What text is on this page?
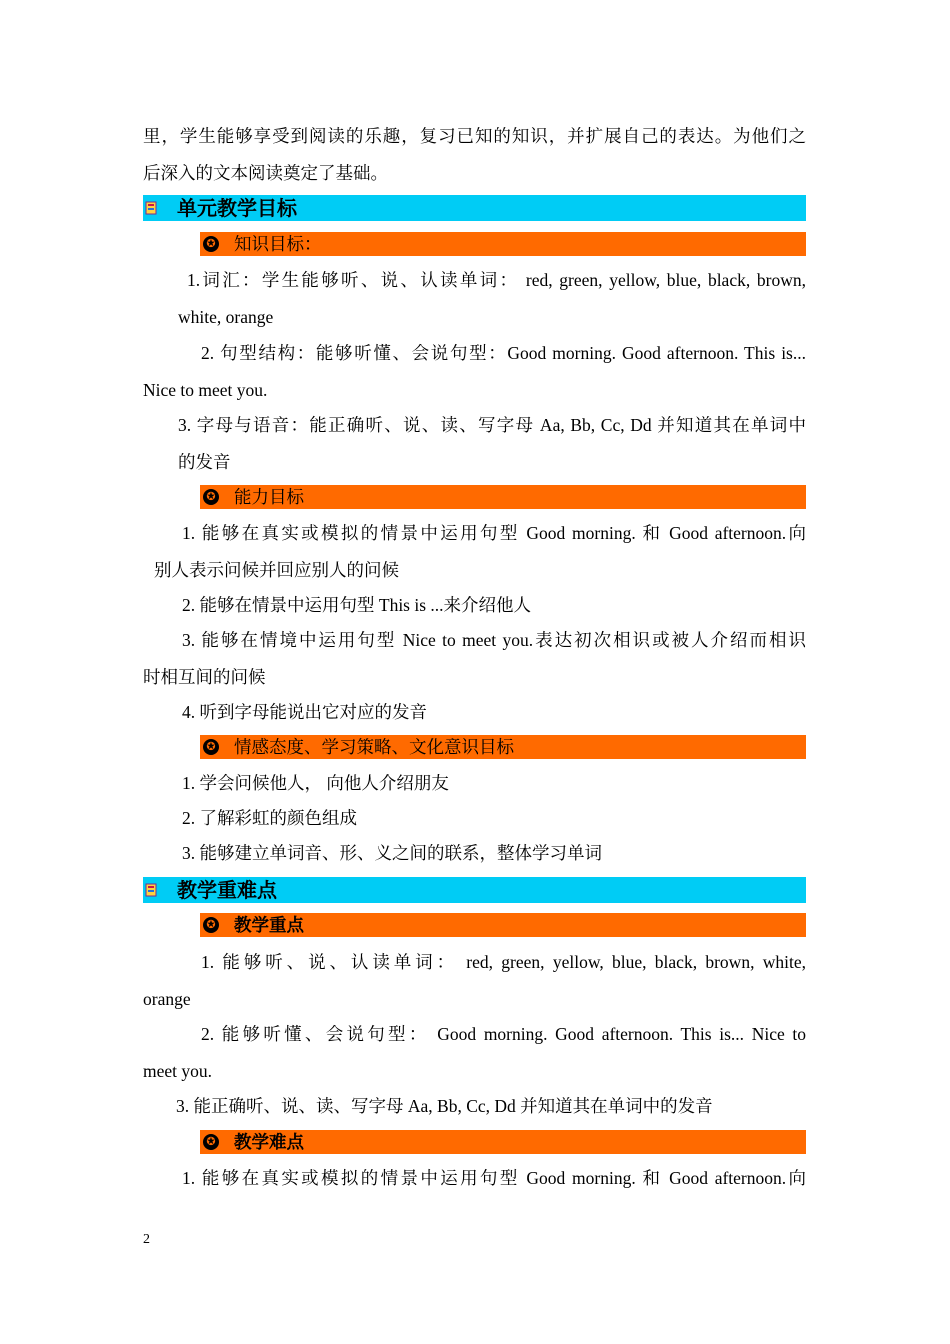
里，学生能够享受到阅读的乐趣，复习已知的知识，并扩展自己的表达。为他们之
后深入的文本阅读奠定了基础。
单元教学目标
✪ 知识目标：
1.词汇：学生能够听、说、认读单词： red, green, yellow, blue, black, brown,
white, orange
2. 句型结构：能够听懂、会说句型：Good morning. Good afternoon. This is...
Nice to meet you.
3. 字母与语音：能正确听、说、读、写字母 Aa, Bb, Cc, Dd 并知道其在单词中
的发音
✪ 能力目标
1. 能够在真实或模拟的情景中运用句型 Good morning. 和 Good afternoon.向
别人表示问候并回应别人的问候
2. 能够在情景中运用句型 This is ...来介绍他人
3. 能够在情境中运用句型 Nice to meet you.表达初次相识或被人介绍而相识
时相互间的问候
4. 听到字母能说出它对应的发音
✪ 情感态度、学习策略、文化意识目标
1. 学会问候他人， 向他人介绍朋友
2. 了解彩虹的颜色组成
3. 能够建立单词音、形、义之间的联系，整体学习单词
教学重难点
✪ 教学重点
1. 能够听、说、认读单词： red, green, yellow, blue, black, brown, white,
orange
2. 能够听懂、会说句型： Good morning. Good afternoon. This is... Nice to
meet you.
3. 能正确听、说、读、写字母 Aa, Bb, Cc, Dd 并知道其在单词中的发音
✪ 教学难点
1. 能够在真实或模拟的情景中运用句型 Good morning. 和 Good afternoon.向
2
